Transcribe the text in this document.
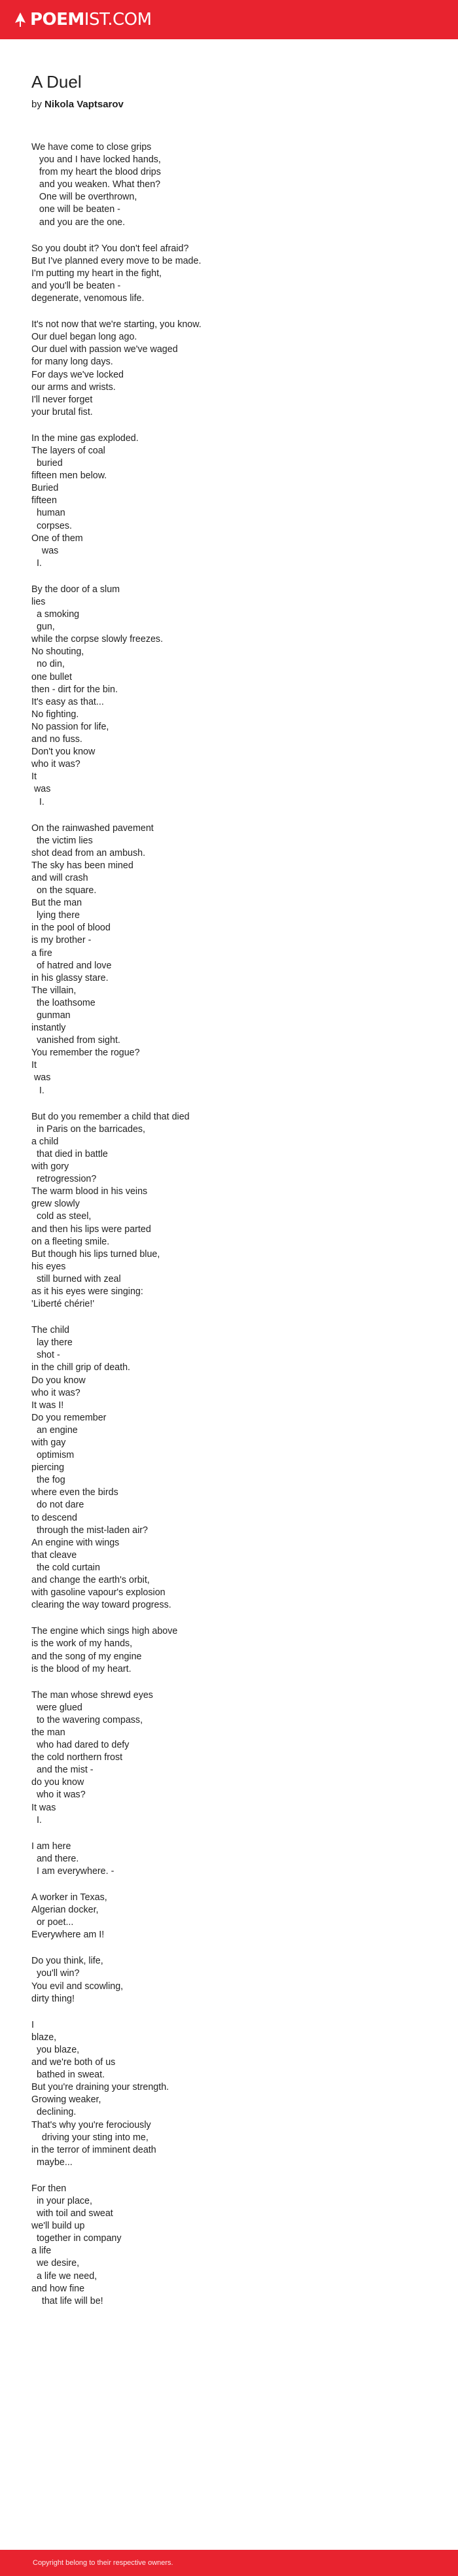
POEMIST.COM
A Duel
by Nikola Vaptsarov
We have come to close grips
you and I have locked hands,
from my heart the blood drips
and you weaken. What then?
One will be overthrown,
one will be beaten -
and you are the one.
So you doubt it? You don't feel afraid?
But I've planned every move to be made.
I'm putting my heart in the fight,
and you'll be beaten -
degenerate, venomous life.
It's not now that we're starting, you know.
Our duel began long ago.
Our duel with passion we've waged
for many long days.
For days we've locked
our arms and wrists.
I'll never forget
your brutal fist.
In the mine gas exploded.
The layers of coal
buried
fifteen men below.
Buried
fifteen
human
corpses.
One of them
was
I.
By the door of a slum
lies
a smoking
gun,
while the corpse slowly freezes.
No shouting,
no din,
one bullet
then - dirt for the bin.
It's easy as that...
No fighting.
No passion for life,
and no fuss.
Don't you know
who it was?
It
was
I.
On the rainwashed pavement
the victim lies
shot dead from an ambush.
The sky has been mined
and will crash
on the square.
But the man
lying there
in the pool of blood
is my brother -
a fire
of hatred and love
in his glassy stare.
The villain,
the loathsome
gunman
instantly
vanished from sight.
You remember the rogue?
It
was
I.
But do you remember a child that died
in Paris on the barricades,
a child
that died in battle
with gory
retrogression?
The warm blood in his veins
grew slowly
cold as steel,
and then his lips were parted
on a fleeting smile.
But though his lips turned blue,
his eyes
still burned with zeal
as it his eyes were singing:
'Liberté chérie!'
The child
lay there
shot -
in the chill grip of death.
Do you know
who it was?
It was I!
Do you remember
an engine
with gay
optimism
piercing
the fog
where even the birds
do not dare
to descend
through the mist-laden air?
An engine with wings
that cleave
the cold curtain
and change the earth's orbit,
with gasoline vapour's explosion
clearing the way toward progress.
The engine which sings high above
is the work of my hands,
and the song of my engine
is the blood of my heart.
The man whose shrewd eyes
were glued
to the wavering compass,
the man
who had dared to defy
the cold northern frost
and the mist -
do you know
who it was?
It was
I.
I am here
and there.
I am everywhere. -
A worker in Texas,
Algerian docker,
or poet...
Everywhere am I!
Do you think, life,
you'll win?
You evil and scowling,
dirty thing!
I
blaze,
you blaze,
and we're both of us
bathed in sweat.
But you're draining your strength.
Growing weaker,
declining.
That's why you're ferociously
driving your sting into me,
in the terror of imminent death
maybe...
For then
in your place,
with toil and sweat
we'll build up
together in company
a life
we desire,
a life we need,
and how fine
that life will be!
Copyright belong to their respective owners.
